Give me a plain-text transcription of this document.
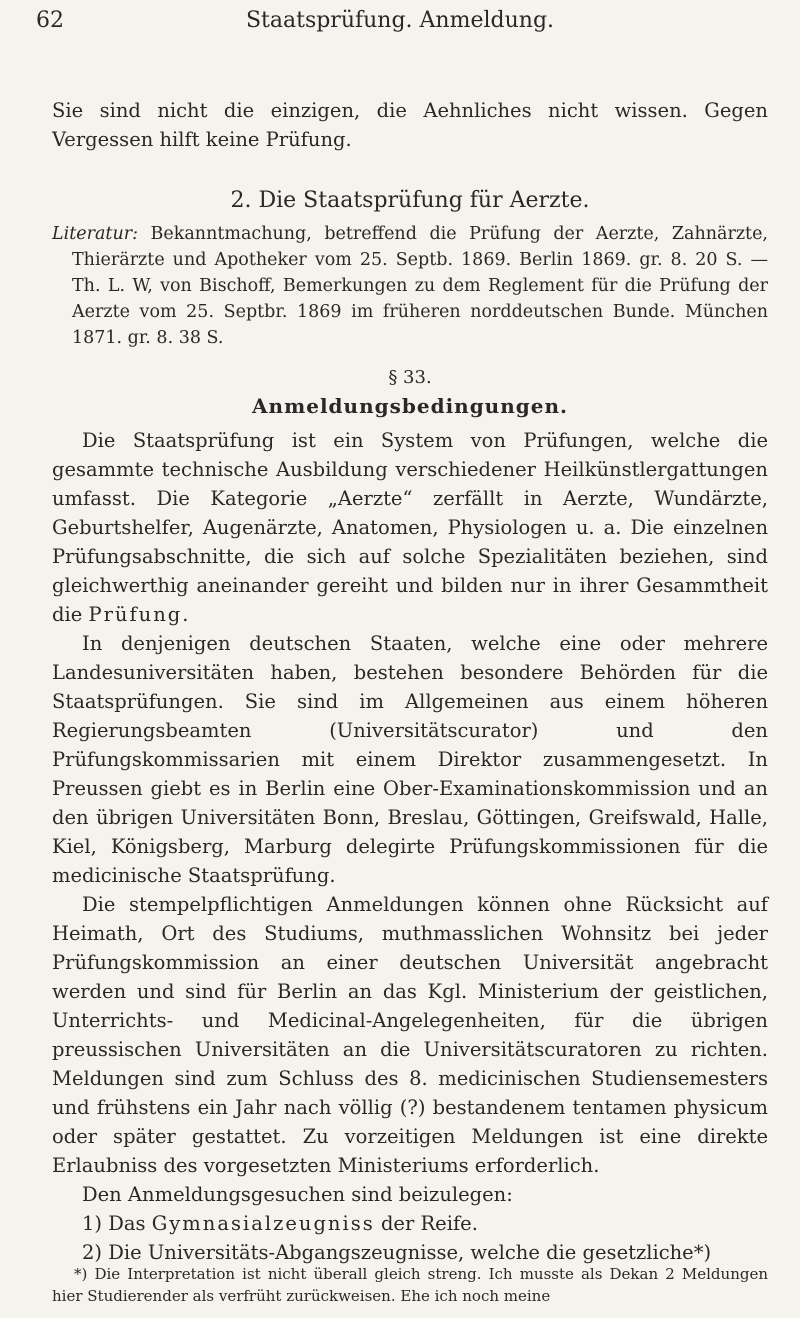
62	Staatsprüfung. Anmeldung.

Sie sind nicht die einzigen, die Aehnliches nicht wissen. Gegen Vergessen hilft keine Prüfung.

2. Die Staatsprüfung für Aerzte.

Literatur: Bekanntmachung, betreffend die Prüfung der Aerzte, Zahnärzte, Thierärzte und Apotheker vom 25. Septb. 1869. Berlin 1869. gr. 8. 20 S. — Th. L. W, von Bischoff, Bemerkungen zu dem Reglement für die Prüfung der Aerzte vom 25. Septbr. 1869 im früheren norddeutschen Bunde. München 1871. gr. 8. 38 S.

§ 33.
Anmeldungsbedingungen.

Die Staatsprüfung ist ein System von Prüfungen, welche die gesammte technische Ausbildung verschiedener Heilkünstlergattungen umfasst. Die Kategorie „Aerzte“ zerfällt in Aerzte, Wundärzte, Geburtshelfer, Augenärzte, Anatomen, Physiologen u. a. Die einzelnen Prüfungsabschnitte, die sich auf solche Spezialitäten beziehen, sind gleichwerthig aneinander gereiht und bilden nur in ihrer Gesammtheit die Prüfung.

In denjenigen deutschen Staaten, welche eine oder mehrere Landesuniversitäten haben, bestehen besondere Behörden für die Staatsprüfungen. Sie sind im Allgemeinen aus einem höheren Regierungsbeamten (Universitätscurator) und den Prüfungskommissarien mit einem Direktor zusammengesetzt. In Preussen giebt es in Berlin eine Ober-Examinationskommission und an den übrigen Universitäten Bonn, Breslau, Göttingen, Greifswald, Halle, Kiel, Königsberg, Marburg delegirte Prüfungskommissionen für die medicinische Staatsprüfung.

Die stempelpflichtigen Anmeldungen können ohne Rücksicht auf Heimath, Ort des Studiums, muthmasslichen Wohnsitz bei jeder Prüfungskommission an einer deutschen Universität angebracht werden und sind für Berlin an das Kgl. Ministerium der geistlichen, Unterrichts- und Medicinal-Angelegenheiten, für die übrigen preussischen Universitäten an die Universitätscuratoren zu richten. Meldungen sind zum Schluss des 8. medicinischen Studiensemesters und frühstens ein Jahr nach völlig (?) bestandenem tentamen physicum oder später gestattet. Zu vorzeitigen Meldungen ist eine direkte Erlaubniss des vorgesetzten Ministeriums erforderlich.

Den Anmeldungsgesuchen sind beizulegen:

1) Das Gymnasialzeugniss der Reife.

2) Die Universitäts-Abgangszeugnisse, welche die gesetzliche*)

*) Die Interpretation ist nicht überall gleich streng. Ich musste als Dekan 2 Meldungen hier Studierender als verfrüht zurückweisen. Ehe ich noch meine
